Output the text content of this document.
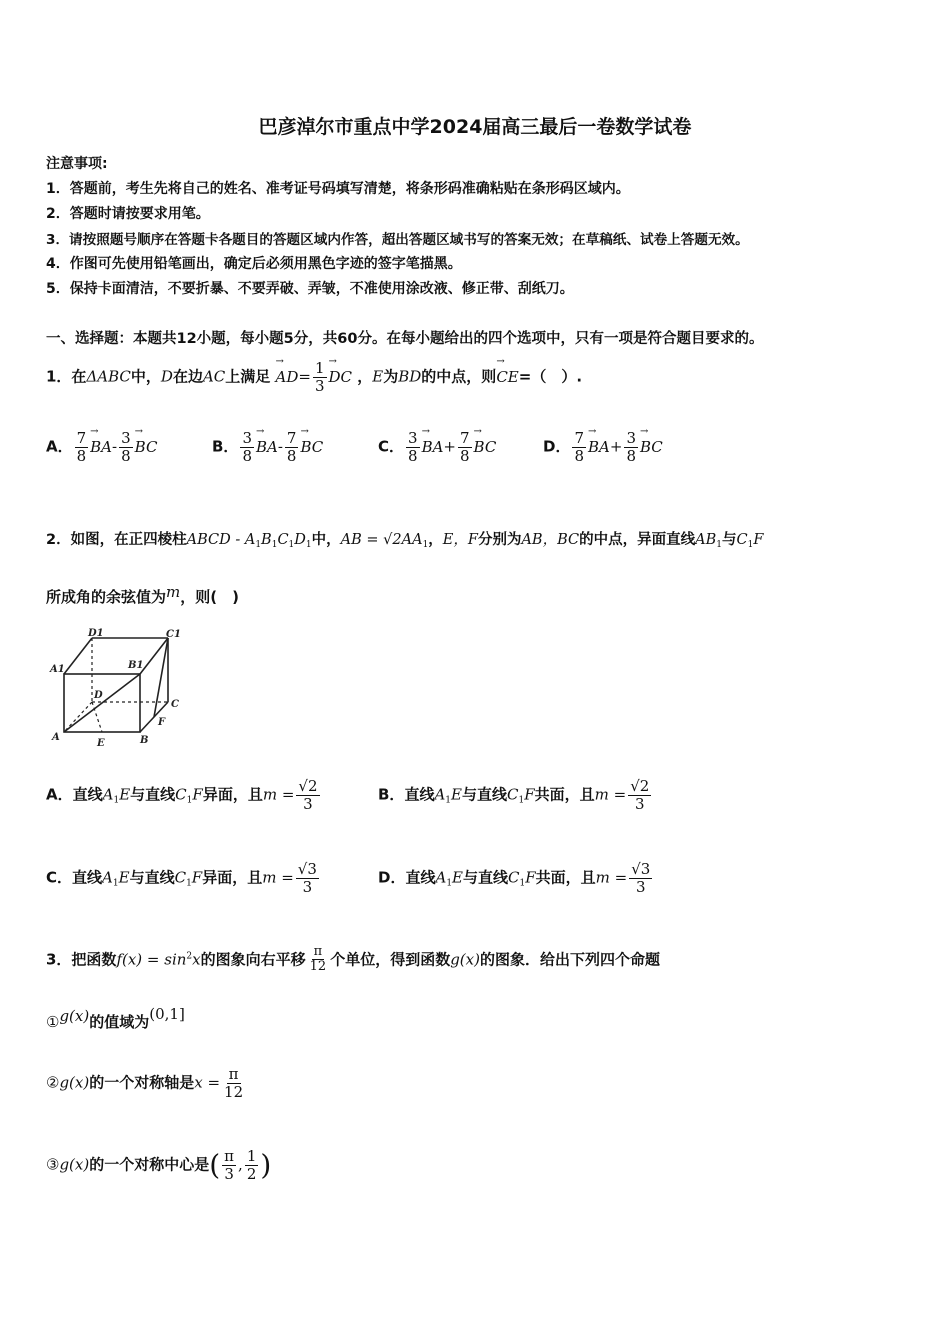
巴彦淖尔市重点中学2024届高三最后一卷数学试卷
注意事项:
1．答题前，考生先将自己的姓名、准考证号码填写清楚，将条形码准确粘贴在条形码区域内。
2．答题时请按要求用笔。
3．请按照题号顺序在答题卡各题目的答题区域内作答，超出答题区域书写的答案无效；在草稿纸、试卷上答题无效。
4．作图可先使用铅笔画出，确定后必须用黑色字迹的签字笔描黑。
5．保持卡面清洁，不要折暴、不要弄破、弄皱，不准使用涂改液、修正带、刮纸刀。
一、选择题：本题共12小题，每小题5分，共60分。在每小题给出的四个选项中，只有一项是符合题目要求的。
1．在ΔABC中，D在边AC上满足 → $AD= \frac{1}{3}$
→ DC ，E为BD的中点，则→ CE=（　）.
A． $\frac{7}{8}$
→ $BA- \frac{3}{8}$
→ BC	B． $\frac{3}{8}$
→ $BA- \frac{7}{8}$
→ BC	C． $\frac{3}{8}$
→ $BA+ \frac{7}{8}$
→ BC	D． $\frac{7}{8}$
→ $BA+ \frac{3}{8}$
→ BC
2．如图，在正四棱柱ABCD - $A_1B_1C_1D_1$中，AB = $√2AA_1$，E，F分别为AB，BC的中点，异面直线$AB_1$与$C_1F$
所成角的余弦值为m，则(　)
D1	C1
A1	B1
D
C
F
A
E	B
A．直线$A_1E$与直线$C_1F$异面，且$m = \frac{√2}{3}$	B．直线$A_1E$与直线$C_1F$共面，且$m = \frac{√2}{3}$
C．直线$A_1E$与直线$C_1F$异面，且$m = \frac{√3}{3}$	D．直线$A_1E$与直线$C_1F$共面，且$m = \frac{√3}{3}$
3．把函数$f(x) = \sin^2x$的图象向右平移 $\frac{\pi}{12}$ 个单位，得到函数g(x)的图象．给出下列四个命题
①g(x)的值域为(0,1]
②g(x)的一个对称轴是$x = \frac{\pi}{12}$
③g(x)的一个对称中心是( $\frac{\pi}{3}$ , $\frac{1}{2}$ )
